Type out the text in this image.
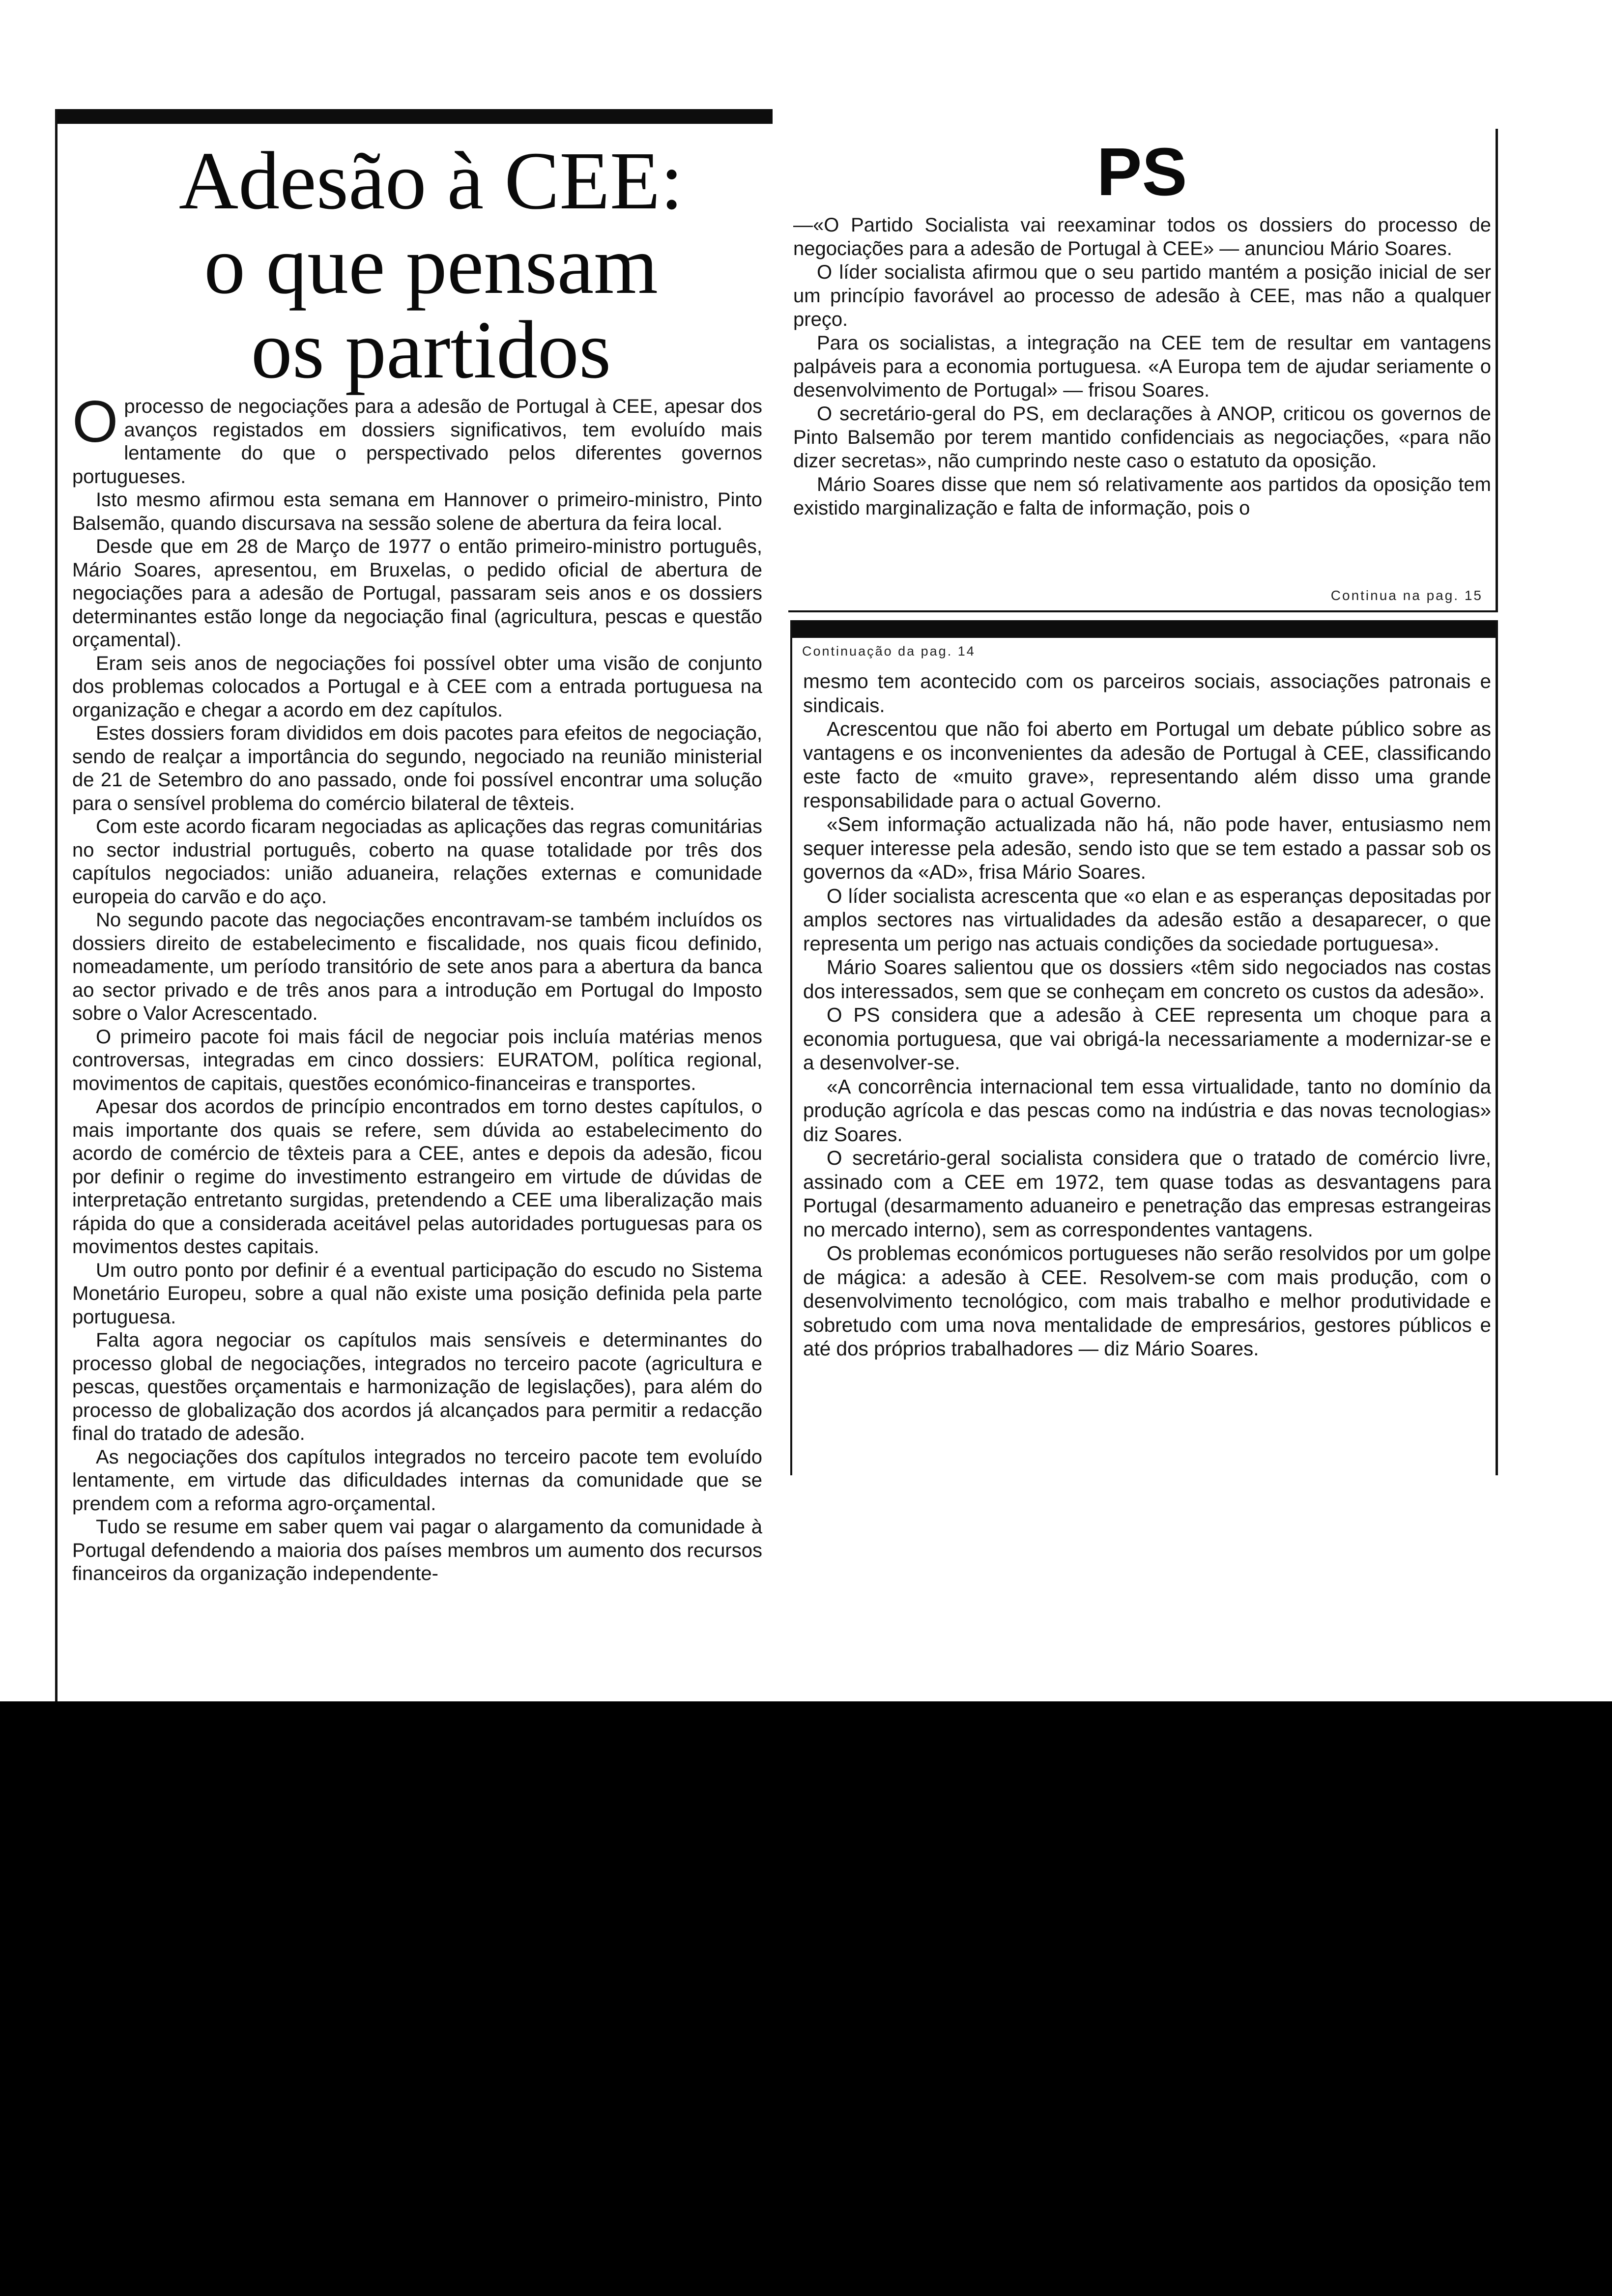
Adesão à CEE:
o que pensam
os partidos

Oprocesso de negociações para a adesão de Portugal à CEE, apesar dos avanços registados em dossiers significativos, tem evoluído mais lentamente do que o perspectivado pelos diferentes governos portugueses.

Isto mesmo afirmou esta semana em Hannover o primeiro-ministro, Pinto Balsemão, quando discursava na sessão solene de abertura da feira local.

Desde que em 28 de Março de 1977 o então primeiro-ministro português, Mário Soares, apresentou, em Bruxelas, o pedido oficial de abertura de negociações para a adesão de Portugal, passaram seis anos e os dossiers determinantes estão longe da negociação final (agricultura, pescas e questão orçamental).

Eram seis anos de negociações foi possível obter uma visão de conjunto dos problemas colocados a Portugal e à CEE com a entrada portuguesa na organização e chegar a acordo em dez capítulos.

Estes dossiers foram divididos em dois pacotes para efeitos de negociação, sendo de realçar a importância do segundo, negociado na reunião ministerial de 21 de Setembro do ano passado, onde foi possível encontrar uma solução para o sensível problema do comércio bilateral de têxteis.

Com este acordo ficaram negociadas as aplicações das regras comunitárias no sector industrial português, coberto na quase totalidade por três dos capítulos negociados: união aduaneira, relações externas e comunidade europeia do carvão e do aço.

No segundo pacote das negociações encontravam-se também incluídos os dossiers direito de estabelecimento e fiscalidade, nos quais ficou definido, nomeadamente, um período transitório de sete anos para a abertura da banca ao sector privado e de três anos para a introdução em Portugal do Imposto sobre o Valor Acrescentado.

O primeiro pacote foi mais fácil de negociar pois incluía matérias menos controversas, integradas em cinco dossiers: EURATOM, política regional, movimentos de capitais, questões económico-financeiras e transportes.

Apesar dos acordos de princípio encontrados em torno destes capítulos, o mais importante dos quais se refere, sem dúvida ao estabelecimento do acordo de comércio de têxteis para a CEE, antes e depois da adesão, ficou por definir o regime do investimento estrangeiro em virtude de dúvidas de interpretação entretanto surgidas, pretendendo a CEE uma liberalização mais rápida do que a considerada aceitável pelas autoridades portuguesas para os movimentos destes capitais.

Um outro ponto por definir é a eventual participação do escudo no Sistema Monetário Europeu, sobre a qual não existe uma posição definida pela parte portuguesa.

Falta agora negociar os capítulos mais sensíveis e determinantes do processo global de negociações, integrados no terceiro pacote (agricultura e pescas, questões orçamentais e harmonização de legislações), para além do processo de globalização dos acordos já alcançados para permitir a redacção final do tratado de adesão.

As negociações dos capítulos integrados no terceiro pacote tem evoluído lentamente, em virtude das dificuldades internas da comunidade que se prendem com a reforma agro-orçamental.

Tudo se resume em saber quem vai pagar o alargamento da comunidade à Portugal defendendo a maioria dos países membros um aumento dos recursos financeiros da organização independente-

PS

—«O Partido Socialista vai reexaminar todos os dossiers do processo de negociações para a adesão de Portugal à CEE» — anunciou Mário Soares.

O líder socialista afirmou que o seu partido mantém a posição inicial de ser um princípio favorável ao processo de adesão à CEE, mas não a qualquer preço.

Para os socialistas, a integração na CEE tem de resultar em vantagens palpáveis para a economia portuguesa. «A Europa tem de ajudar seriamente o desenvolvimento de Portugal» — frisou Soares.

O secretário-geral do PS, em declarações à ANOP, criticou os governos de Pinto Balsemão por terem mantido confidenciais as negociações, «para não dizer secretas», não cumprindo neste caso o estatuto da oposição.

Mário Soares disse que nem só relativamente aos partidos da oposição tem existido marginalização e falta de informação, pois o

Continua na pag. 15
Continuação da pag. 14

mesmo tem acontecido com os parceiros sociais, associações patronais e sindicais.

Acrescentou que não foi aberto em Portugal um debate público sobre as vantagens e os inconvenientes da adesão de Portugal à CEE, classificando este facto de «muito grave», representando além disso uma grande responsabilidade para o actual Governo.

«Sem informação actualizada não há, não pode haver, entusiasmo nem sequer interesse pela adesão, sendo isto que se tem estado a passar sob os governos da «AD», frisa Mário Soares.

O líder socialista acrescenta que «o elan e as esperanças depositadas por amplos sectores nas virtualidades da adesão estão a desaparecer, o que representa um perigo nas actuais condições da sociedade portuguesa».

Mário Soares salientou que os dossiers «têm sido negociados nas costas dos interessados, sem que se conheçam em concreto os custos da adesão».

O PS considera que a adesão à CEE representa um choque para a economia portuguesa, que vai obrigá-la necessariamente a modernizar-se e a desenvolver-se.

«A concorrência internacional tem essa virtualidade, tanto no domínio da produção agrícola e das pescas como na indústria e das novas tecnologias» diz Soares.

O secretário-geral socialista considera que o tratado de comércio livre, assinado com a CEE em 1972, tem quase todas as desvantagens para Portugal (desarmamento aduaneiro e penetração das empresas estrangeiras no mercado interno), sem as correspondentes vantagens.

Os problemas económicos portugueses não serão resolvidos por um golpe de mágica: a adesão à CEE. Resolvem-se com mais produção, com o desenvolvimento tecnológico, com mais trabalho e melhor produtividade e sobretudo com uma nova mentalidade de empresários, gestores públicos e até dos próprios trabalhadores — diz Mário Soares.
